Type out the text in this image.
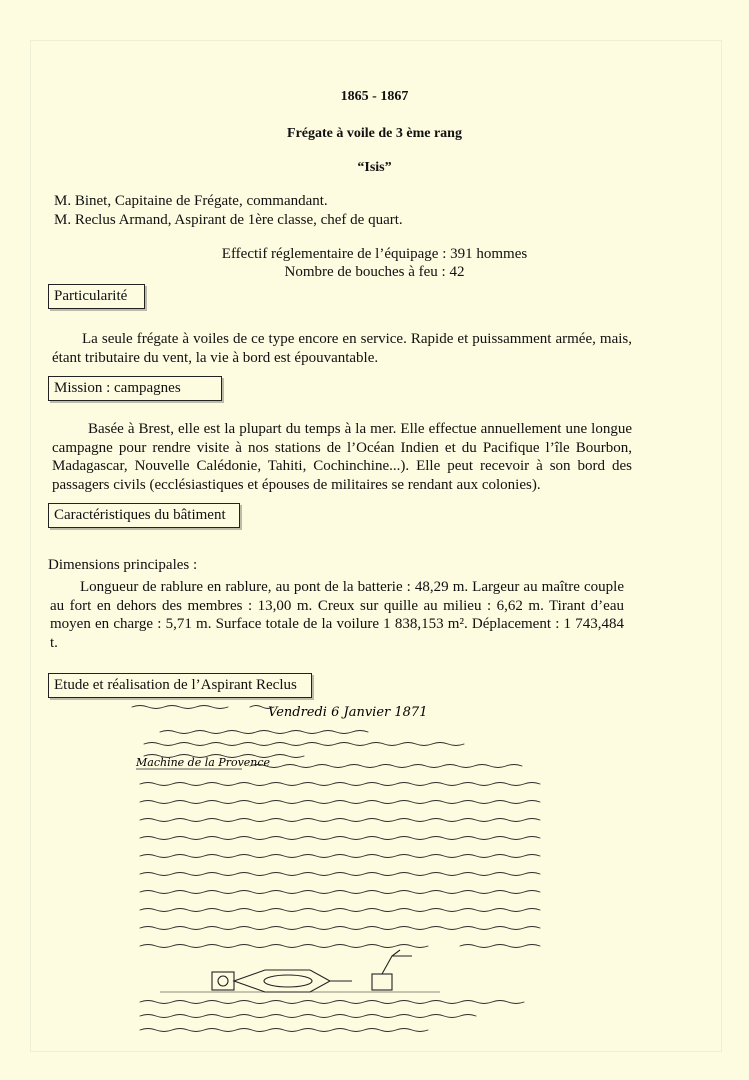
1865 - 1867
Frégate à voile de 3 ème rang
“Isis”
M. Binet, Capitaine de Frégate, commandant.
M. Reclus Armand, Aspirant de 1ère classe, chef de quart.
Effectif réglementaire de l’équipage : 391 hommes
Nombre de bouches à feu : 42
Particularité
La seule frégate à voiles de ce type encore en service. Rapide et puissamment armée, mais, étant tributaire du vent, la vie à bord est épouvantable.
Mission : campagnes
Basée à Brest, elle est la plupart du temps à la mer. Elle effectue annuellement une longue campagne pour rendre visite à nos stations de l’Océan Indien et du Pacifique l’île Bourbon, Madagascar, Nouvelle Calédonie, Tahiti, Cochinchine...). Elle peut recevoir à son bord des passagers civils (ecclésiastiques et épouses de militaires se rendant aux colonies).
Caractéristiques du bâtiment
Dimensions principales :
Longueur de rablure en rablure, au pont de la batterie : 48,29 m. Largeur au maître couple au fort en dehors des membres : 13,00 m. Creux sur quille au milieu : 6,62 m. Tirant d’eau moyen en charge : 5,71 m. Surface totale de la voilure 1 838,153 m². Déplacement : 1 743,484 t.
Etude et réalisation de l’Aspirant Reclus
Vendredi 6 Janvier 1871
Machine de la Provence
